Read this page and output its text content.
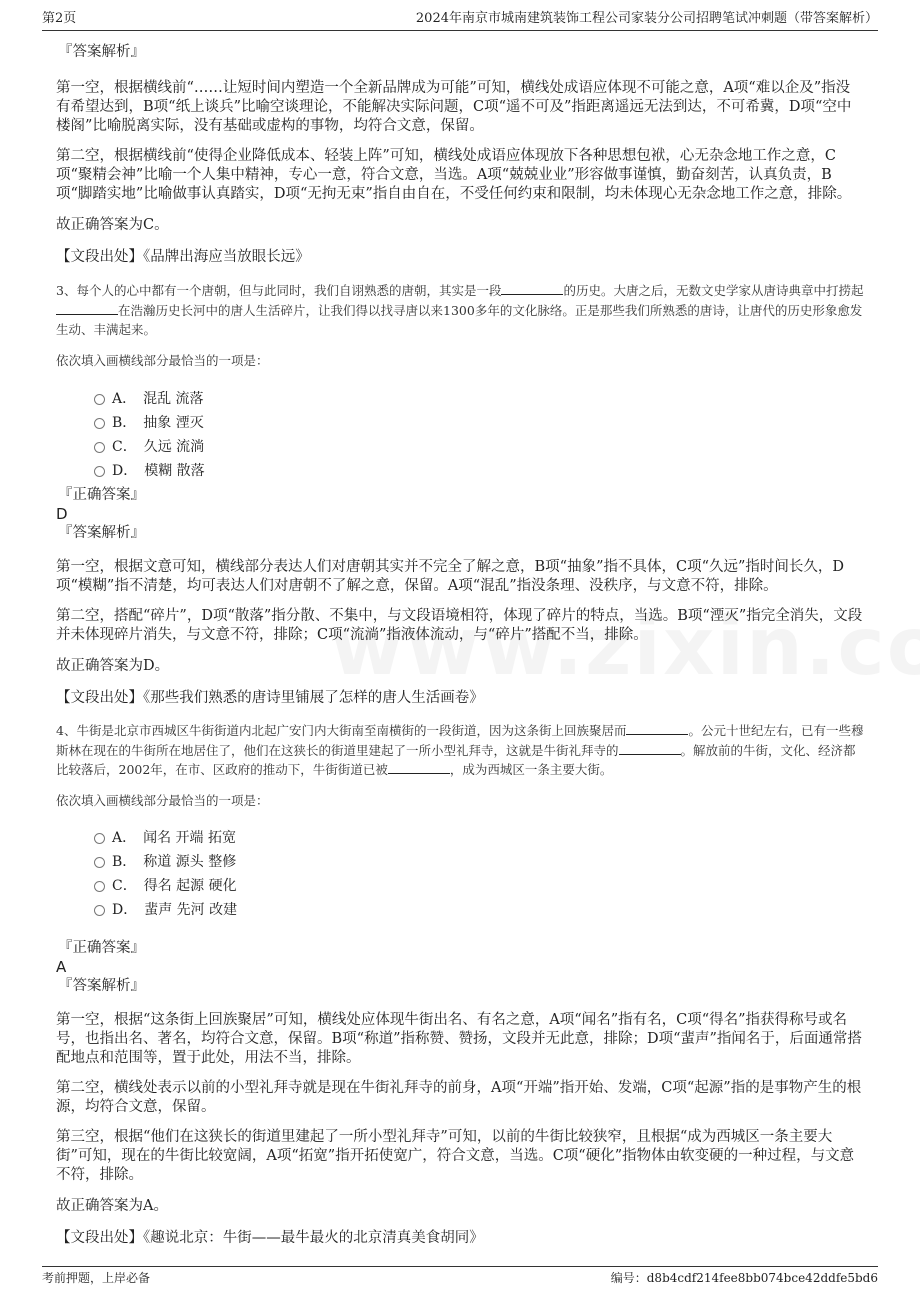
第2页	2024年南京市城南建筑装饰工程公司家装分公司招聘笔试冲刺题（带答案解析）
『答案解析』

第一空，根据横线前“……让短时间内塑造一个全新品牌成为可能”可知，横线处成语应体现不可能之意，A项“难以企及”指没有希望达到，B项“纸上谈兵”比喻空谈理论，不能解决实际问题，C项“遥不可及”指距离遥远无法到达，不可希冀，D项“空中楼阁”比喻脱离实际，没有基础或虚构的事物，均符合文意，保留。

第二空，根据横线前“使得企业降低成本、轻装上阵”可知，横线处成语应体现放下各种思想包袱，心无杂念地工作之意，C项“聚精会神”比喻一个人集中精神，专心一意，符合文意，当选。A项“兢兢业业”形容做事谨慎，勤奋刻苦，认真负责，B项“脚踏实地”比喻做事认真踏实，D项“无拘无束”指自由自在，不受任何约束和限制，均未体现心无杂念地工作之意，排除。

故正确答案为C。

【文段出处】《品牌出海应当放眼长远》

3、每个人的心中都有一个唐朝，但与此同时，我们自诩熟悉的唐朝，其实是一段	的历史。大唐之后，无数文史学家从唐诗典章中打捞起在浩瀚历史长河中的唐人生活碎片，让我们得以找寻唐以来1300多年的文化脉络。正是那些我们所熟悉的唐诗，让唐代的历史形象愈发生动、丰满起来。

依次填入画横线部分最恰当的一项是：

A．　混乱 流落
B．　抽象 湮灭
C．　久远 流淌
D．　模糊 散落
『正确答案』
D
『答案解析』

第一空，根据文意可知，横线部分表达人们对唐朝其实并不完全了解之意，B项“抽象”指不具体，C项“久远”指时间长久，D项“模糊”指不清楚，均可表达人们对唐朝不了解之意，保留。A项“混乱”指没条理、没秩序，与文意不符，排除。

第二空，搭配“碎片”，D项“散落”指分散、不集中，与文段语境相符，体现了碎片的特点，当选。B项“湮灭”指完全消失，文段并未体现碎片消失，与文意不符，排除；C项“流淌”指液体流动，与“碎片”搭配不当，排除。

故正确答案为D。

【文段出处】《那些我们熟悉的唐诗里铺展了怎样的唐人生活画卷》

4、牛街是北京市西城区牛街街道内北起广安门内大街南至南横街的一段街道，因为这条街上回族聚居而	。公元十世纪左右，已有一些穆斯林在现在的牛街所在地居住了，他们在这狭长的街道里建起了一所小型礼拜寺，这就是牛街礼拜寺的	。解放前的牛街，文化、经济都比较落后，2002年，在市、区政府的推动下，牛街街道已被	，成为西城区一条主要大街。

依次填入画横线部分最恰当的一项是：

A．　闻名 开端 拓宽
B．　称道 源头 整修
C．　得名 起源 硬化
D．　蜚声 先河 改建
『正确答案』
A
『答案解析』

第一空，根据“这条街上回族聚居”可知，横线处应体现牛街出名、有名之意，A项“闻名”指有名，C项“得名”指获得称号或名号，也指出名、著名，均符合文意，保留。B项“称道”指称赞、赞扬，文段并无此意，排除；D项“蜚声”指闻名于，后面通常搭配地点和范围等，置于此处，用法不当，排除。

第二空，横线处表示以前的小型礼拜寺就是现在牛街礼拜寺的前身，A项“开端”指开始、发端，C项“起源”指的是事物产生的根源，均符合文意，保留。

第三空，根据“他们在这狭长的街道里建起了一所小型礼拜寺”可知，以前的牛街比较狭窄，且根据“成为西城区一条主要大街”可知，现在的牛街比较宽阔，A项“拓宽”指开拓使宽广，符合文意，当选。C项“硬化”指物体由软变硬的一种过程，与文意不符，排除。

故正确答案为A。

【文段出处】《趣说北京：牛街——最牛最火的北京清真美食胡同》
考前押题，上岸必备	编号：d8b4cdf214fee8bb074bce42ddfe5bd6
